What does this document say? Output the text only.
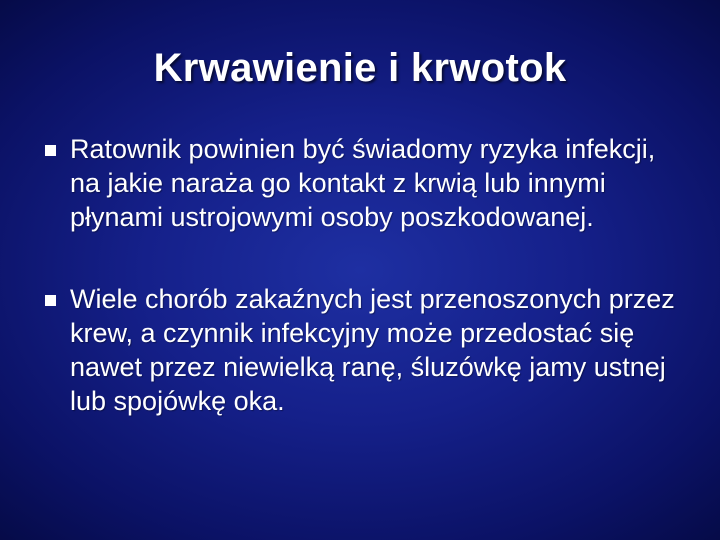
Krwawienie i krwotok
Ratownik powinien być świadomy ryzyka infekcji, na jakie naraża go kontakt z krwią lub innymi płynami ustrojowymi osoby poszkodowanej.
Wiele chorób zakaźnych jest przenoszonych przez krew, a czynnik infekcyjny może przedostać się nawet przez niewielką ranę, śluzówkę jamy ustnej lub spojówkę oka.
